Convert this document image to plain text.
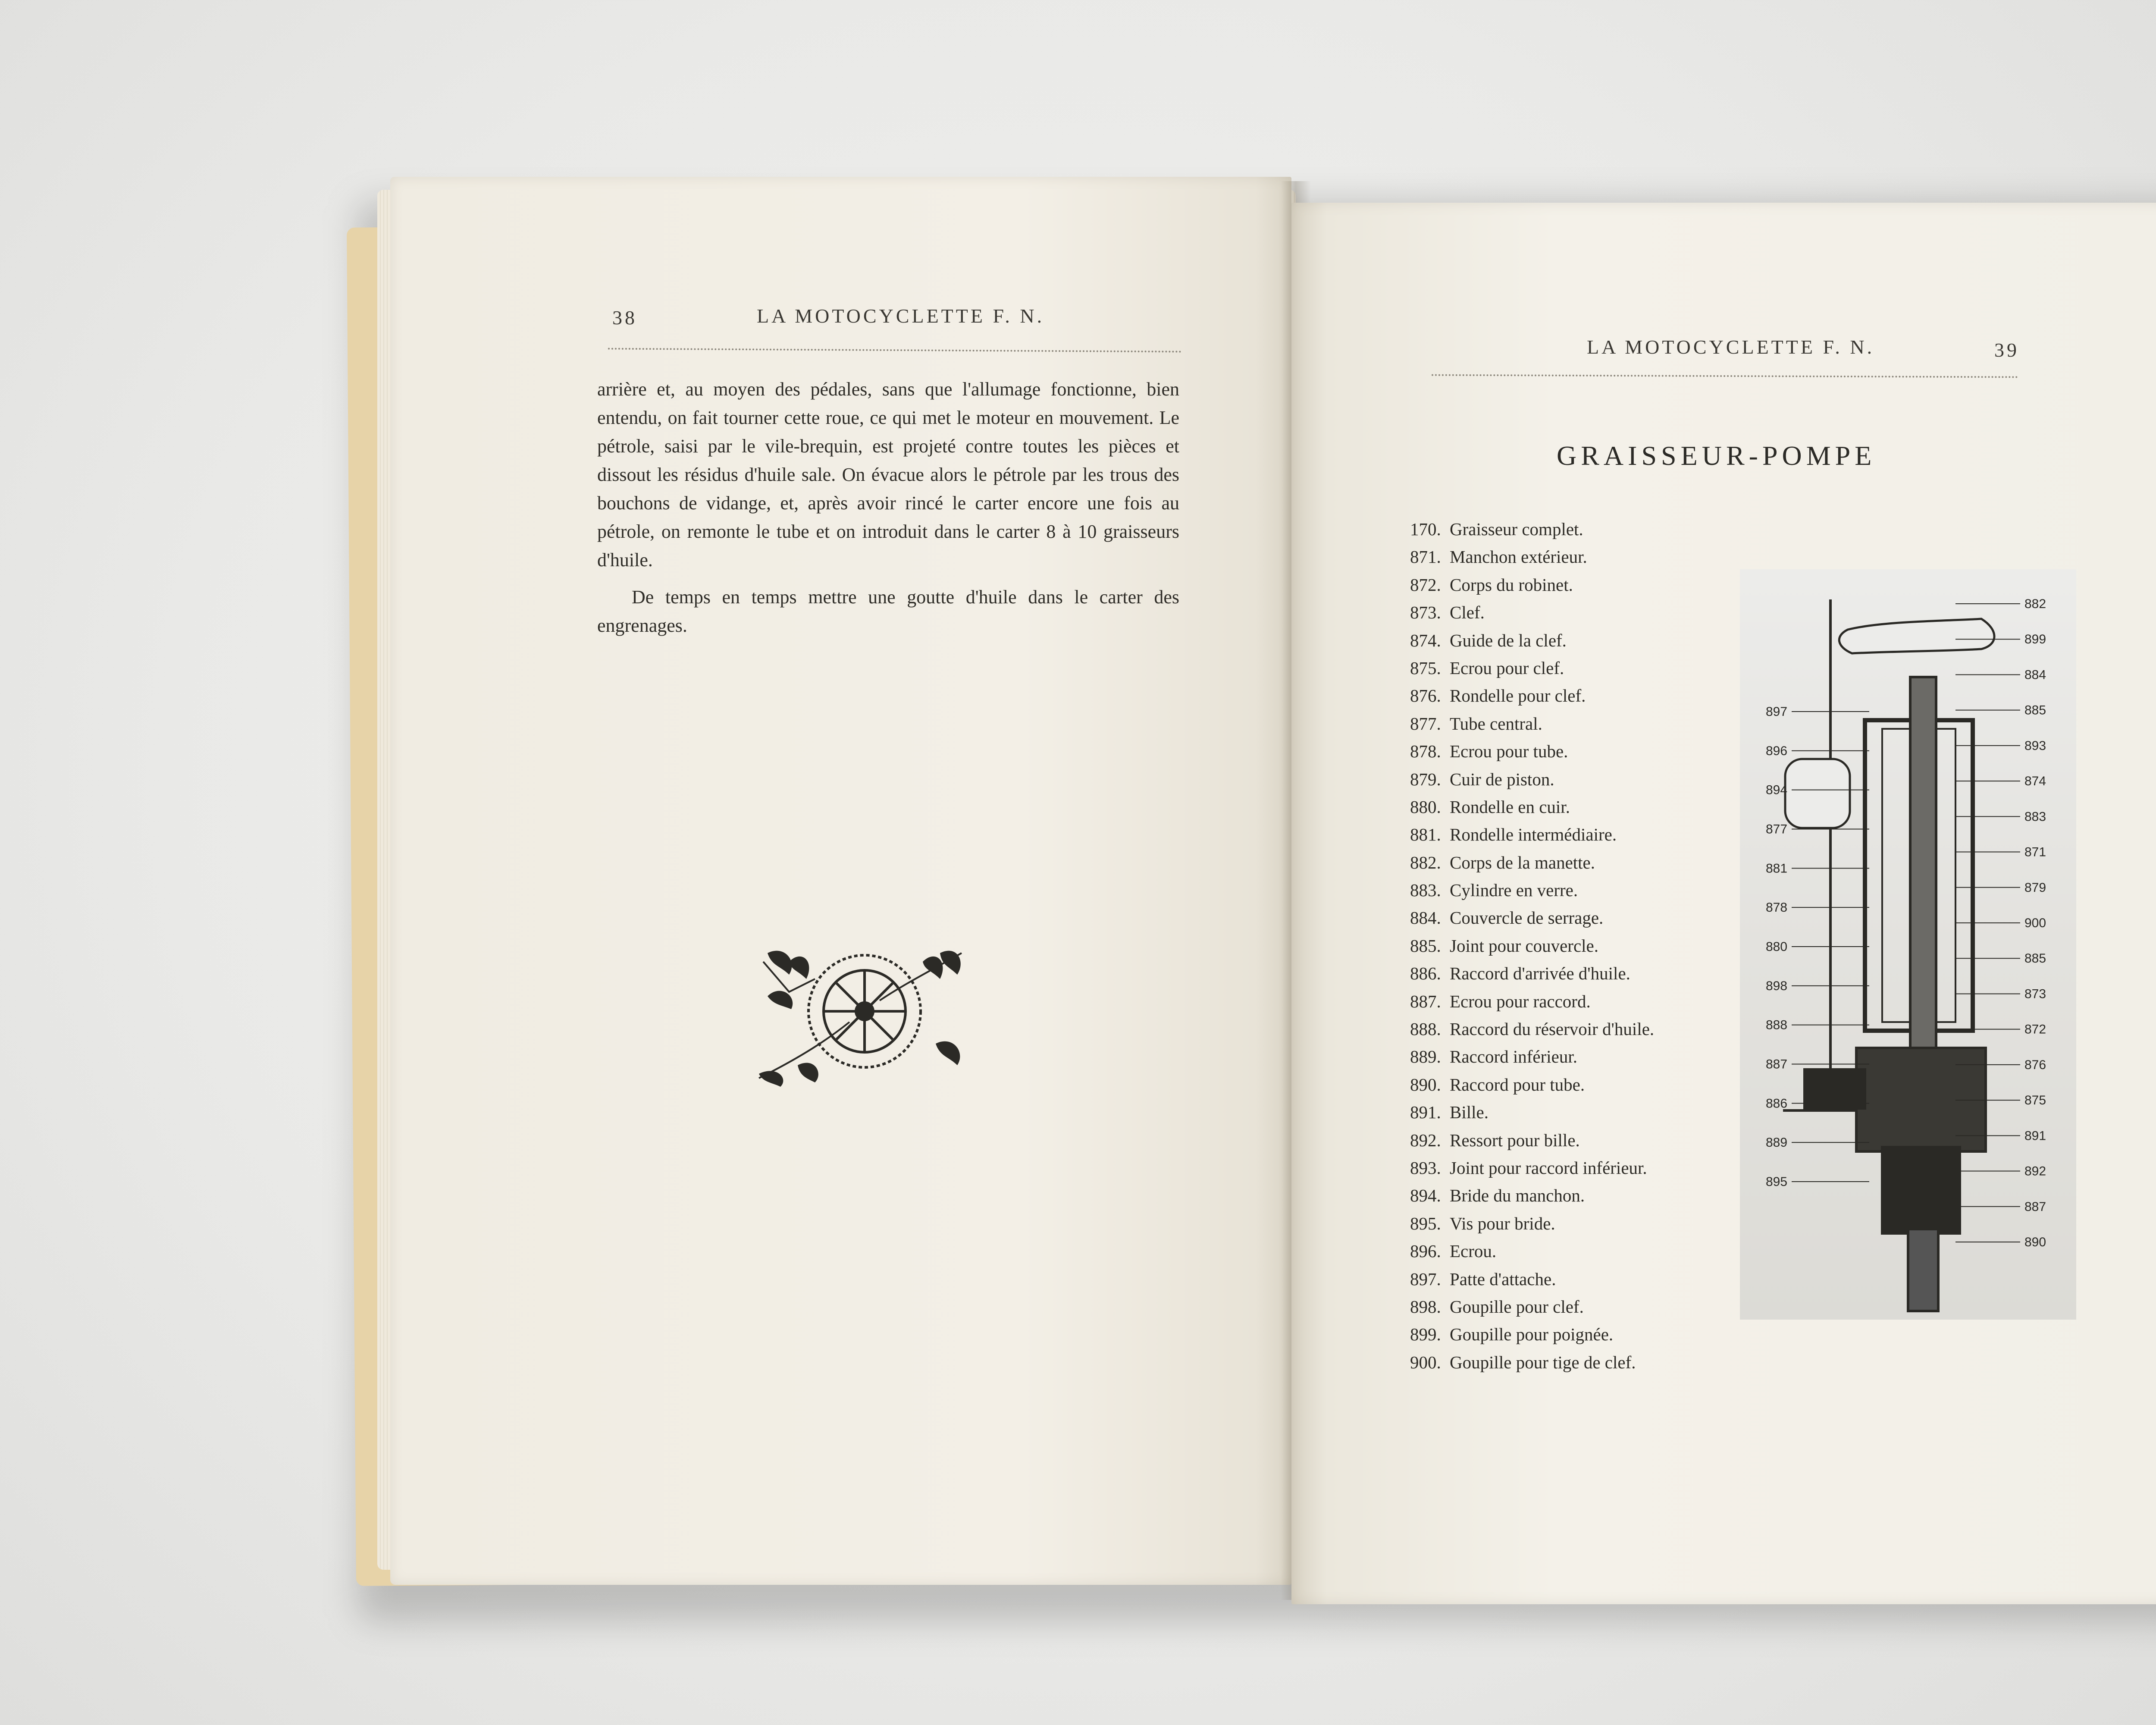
38	LA MOTOCYCLETTE F. N.

arrière et, au moyen des pédales, sans que l'allumage fonctionne, bien entendu, on fait tourner cette roue, ce qui met le moteur en mouvement. Le pétrole, saisi par le vile-brequin, est projeté contre toutes les pièces et dissout les résidus d'huile sale. On évacue alors le pétrole par les trous des bouchons de vidange, et, après avoir rincé le carter encore une fois au pétrole, on remonte le tube et on introduit dans le carter 8 à 10 graisseurs d'huile.

De temps en temps mettre une goutte d'huile dans le carter des engrenages.

LA MOTOCYCLETTE F. N.	39
GRAISSEUR-POMPE
170. Graisseur complet.
871. Manchon extérieur.
872. Corps du robinet.
873. Clef.
874. Guide de la clef.
875. Ecrou pour clef.
876. Rondelle pour clef.
877. Tube central.
878. Ecrou pour tube.
879. Cuir de piston.
880. Rondelle en cuir.
881. Rondelle intermédiaire.
882. Corps de la manette.
883. Cylindre en verre.
884. Couvercle de serrage.
885. Joint pour couvercle.
886. Raccord d'arrivée d'huile.
887. Ecrou pour raccord.
888. Raccord du réservoir d'huile.
889. Raccord inférieur.
890. Raccord pour tube.
891. Bille.
892. Ressort pour bille.
893. Joint pour raccord inférieur.
894. Bride du manchon.
895. Vis pour bride.
896. Ecrou.
897. Patte d'attache.
898. Goupille pour clef.
899. Goupille pour poignée.
900. Goupille pour tige de clef.
897
896
894
877
881
878
880
898
888
887
886
889
895
882
899
884
885
893
874
883
871
879
900
885
873
872
876
875
891
892
887
890
